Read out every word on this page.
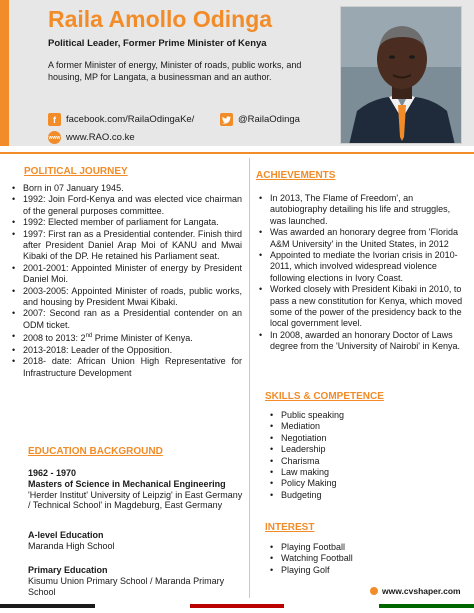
Raila Amollo Odinga
Political Leader, Former Prime Minister of Kenya
A former Minister of energy, Minister of roads, public works, and housing, MP for Langata, a businessman and an author.
f	facebook.com/RailaOdingaKe/	@RailaOdinga
www www.RAO.co.ke
POLITICAL JOURNEY
• Born in 07 January 1945.
• 1992: Join Ford-Kenya and was elected vice chairman of the general purposes committee.
• 1992: Elected member of parliament for Langata.
• 1997: First ran as a Presidential contender. Finish third after President Daniel Arap Moi of KANU and Mwai Kibaki of the DP. He retained his Parliament seat.
• 2001-2001: Appointed Minister of energy by President Daniel Moi.
• 2003-2005: Appointed Minister of roads, public works, and housing by President Mwai Kibaki.
• 2007: Second ran as a Presidential contender on an ODM ticket.
• 2008 to 2013: 2nd Prime Minister of Kenya.
• 2013-2018: Leader of the Opposition.
• 2018- date: African Union High Representative for Infrastructure Development
EDUCATION BACKGROUND
1962 - 1970
Masters of Science in Mechanical Engineering
'Herder Institut' University of Leipzig' in East Germany / Technical School' in Magdeburg, East Germany
A-level Education
Maranda High School
Primary Education
Kisumu Union Primary School / Maranda Primary School
ACHIEVEMENTS
• In 2013, The Flame of Freedom', an autobiography detailing his life and struggles, was launched.
• Was awarded an honorary degree from 'Florida A&M University' in the United States, in 2012
• Appointed to mediate the Ivorian crisis in 2010-2011, which involved widespread violence following elections in Ivory Coast.
• Worked closely with President Kibaki in 2010, to pass a new constitution for Kenya, which moved some of the power of the presidency back to the local government level.
• In 2008, awarded an honorary Doctor of Laws degree from the 'University of Nairobi' in Kenya.
SKILLS & COMPETENCE
• Public speaking
• Mediation
• Negotiation
• Leadership
• Charisma
• Law making
• Policy Making
• Budgeting
INTEREST
• Playing Football
• Watching Football
• Playing Golf
www.cvshaper.com
